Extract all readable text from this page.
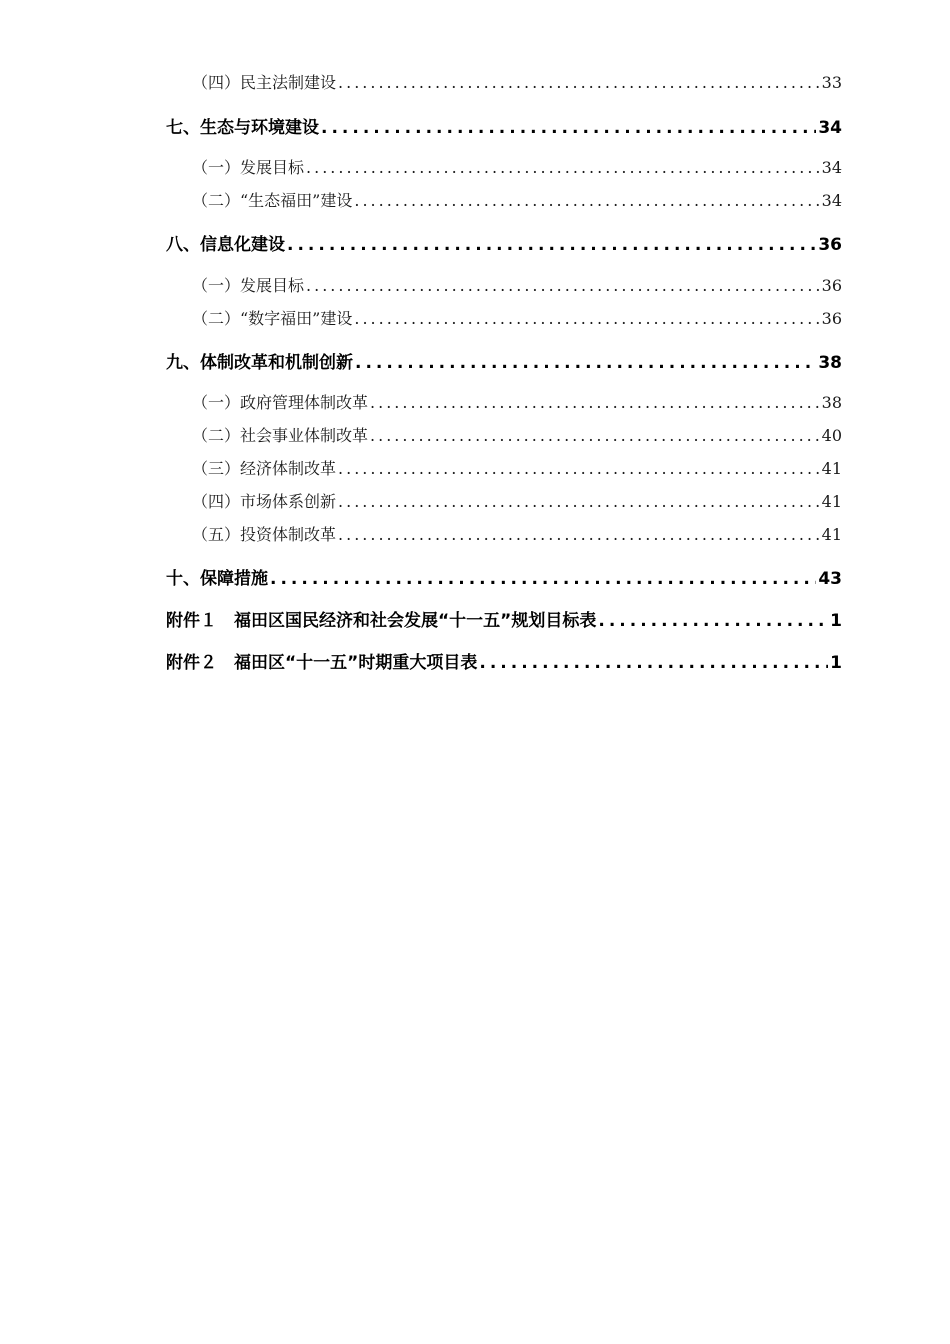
（四）民主法制建设 .....	33
七、生态与环境建设 .....	34
（一）发展目标 .....	34
（二）“生态福田”建设 .....	34
八、信息化建设 .....	36
（一）发展目标 .....	36
（二）“数字福田”建设 .....	36
九、体制改革和机制创新 .....	38
（一）政府管理体制改革 .....	38
（二）社会事业体制改革 .....	40
（三）经济体制改革 .....	41
（四）市场体系创新 .....	41
（五）投资体制改革 .....	41
十、保障措施 .....	43
附件１　福田区国民经济和社会发展“十一五”规划目标表 .....	1
附件２　福田区“十一五”时期重大项目表 .....	1
